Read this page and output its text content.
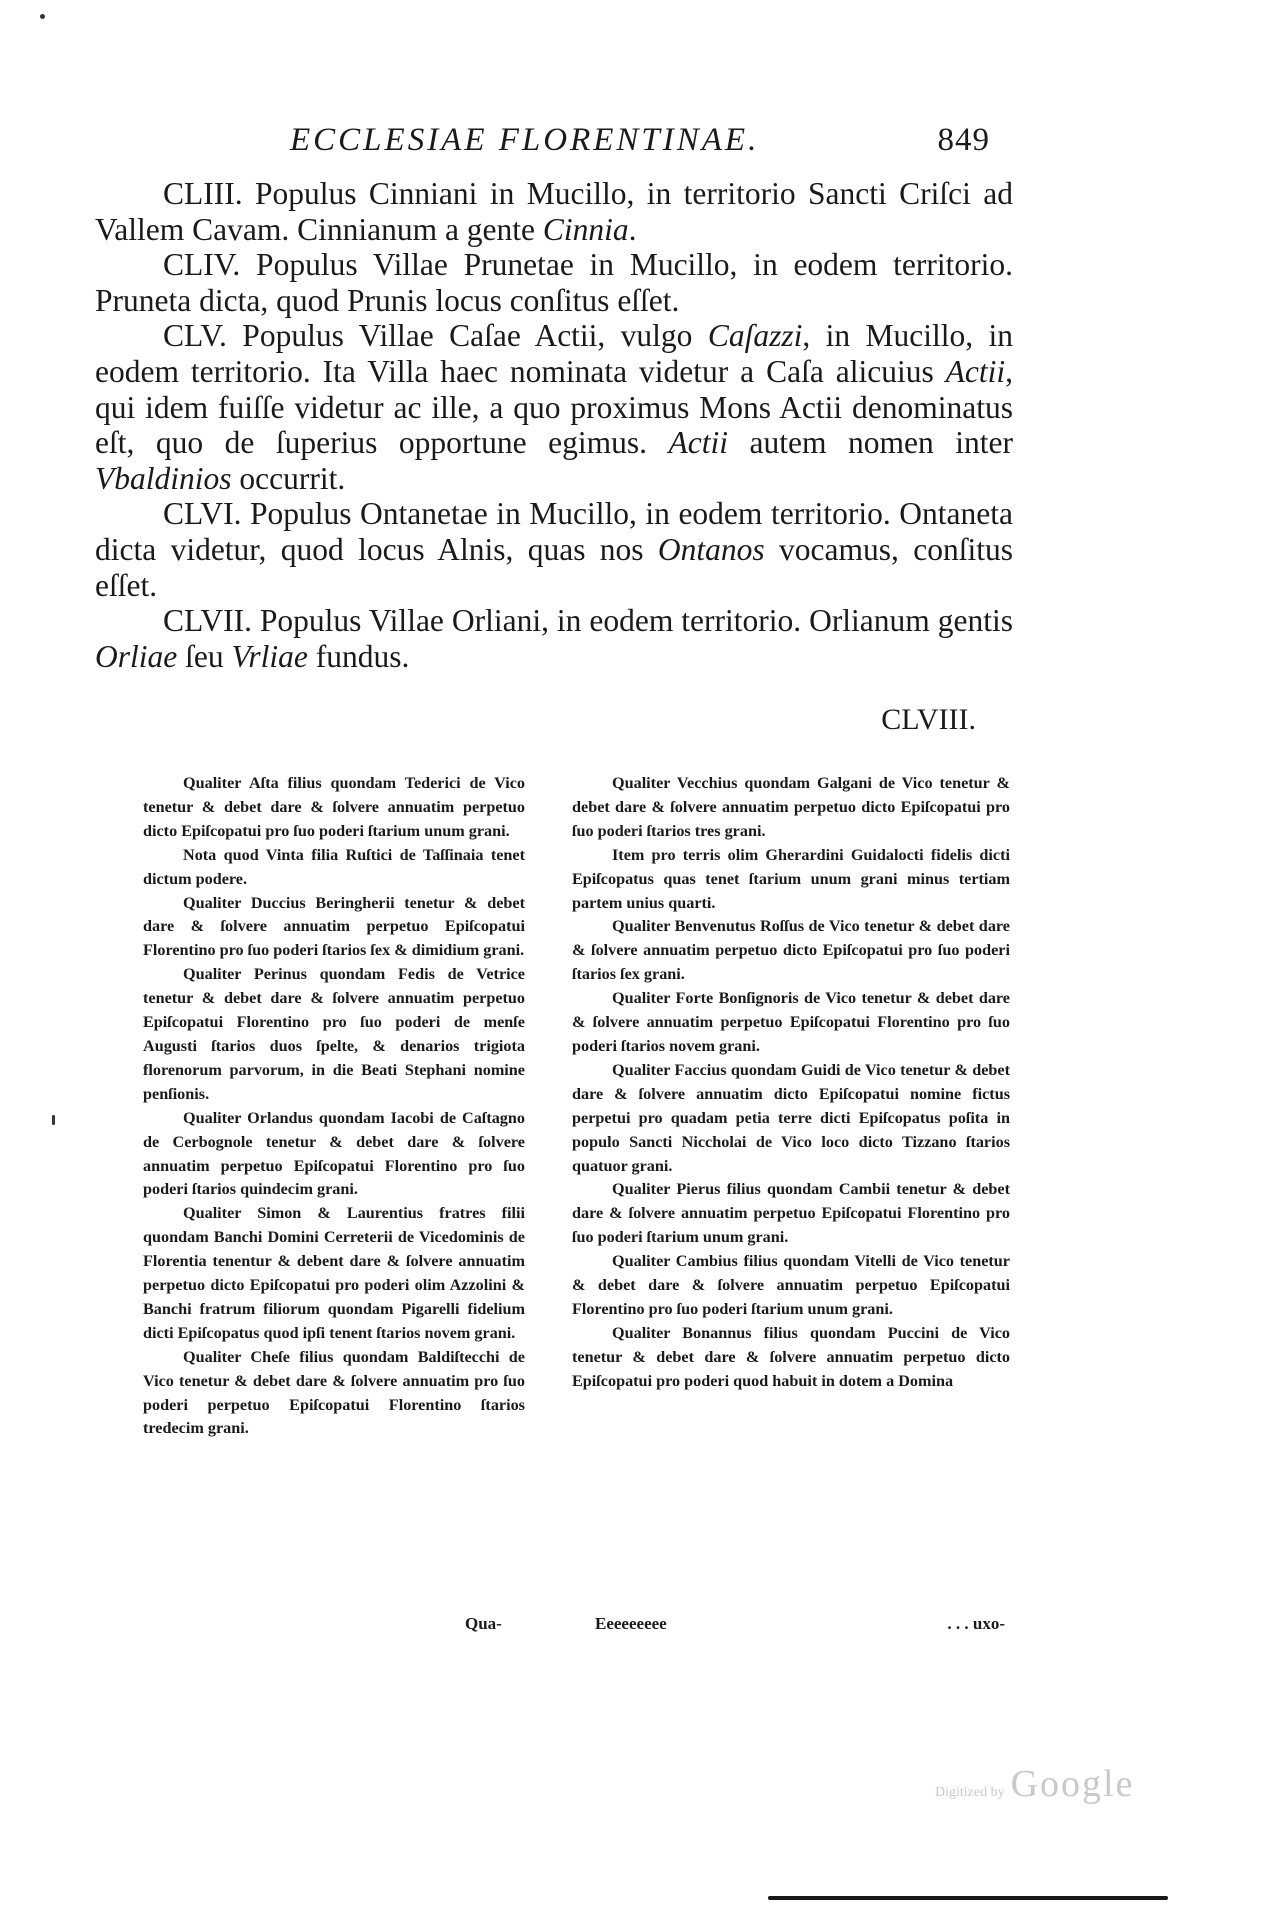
ECCLESIAE FLORENTINAE.	849

CLIII. Populus Cinniani in Mucillo, in territorio Sancti Criſci ad Vallem Cavam. Cinnianum a gente Cinnia.

CLIV. Populus Villae Prunetae in Mucillo, in eodem territorio. Pruneta dicta, quod Prunis locus conſitus eſſet.

CLV. Populus Villae Caſae Actii, vulgo Caſazzi, in Mucillo, in eodem territorio. Ita Villa haec nominata videtur a Caſa alicuius Actii, qui idem fuiſſe videtur ac ille, a quo proximus Mons Actii denominatus eſt, quo de ſuperius opportune egimus. Actii autem nomen inter Vbaldinios occurrit.

CLVI. Populus Ontanetae in Mucillo, in eodem territorio. Ontaneta dicta videtur, quod locus Alnis, quas nos Ontanos vocamus, conſitus eſſet.

CLVII. Populus Villae Orliani, in eodem territorio. Orlianum gentis Orliae ſeu Vrliae fundus.

CLVIII.

Qualiter Aſta filius quondam Tederici de Vico tenetur & debet dare & ſolvere annuatim perpetuo dicto Epiſcopatui pro ſuo poderi ſtarium unum grani.

Nota quod Vinta filia Ruſtici de Taſſinaia tenet dictum podere.

Qualiter Duccius Beringherii tenetur & debet dare & ſolvere annuatim perpetuo Epiſcopatui Florentino pro ſuo poderi ſtarios ſex & dimidium grani.

Qualiter Perinus quondam Fedis de Vetrice tenetur & debet dare & ſolvere annuatim perpetuo Epiſcopatui Florentino pro ſuo poderi de menſe Augusti ſtarios duos ſpelte, & denarios trigiota florenorum parvorum, in die Beati Stephani nomine penſionis.

Qualiter Orlandus quondam Iacobi de Caſtagno de Cerbognole tenetur & debet dare & ſolvere annuatim perpetuo Epiſcopatui Florentino pro ſuo poderi ſtarios quindecim grani.

Qualiter Simon & Laurentius fratres filii quondam Banchi Domini Cerreterii de Vicedominis de Florentia tenentur & debent dare & ſolvere annuatim perpetuo dicto Epiſcopatui pro poderi olim Azzolini & Banchi fratrum filiorum quondam Pigarelli fidelium dicti Epiſcopatus quod ipſi tenent ſtarios novem grani.

Qualiter Cheſe filius quondam Baldiſtecchi de Vico tenetur & debet dare & ſolvere annuatim pro ſuo poderi perpetuo Epiſcopatui Florentino ſtarios tredecim grani.

Qua-

Qualiter Vecchius quondam Galgani de Vico tenetur & debet dare & ſolvere annuatim perpetuo dicto Epiſcopatui pro ſuo poderi ſtarios tres grani.

Item pro terris olim Gherardini Guidalocti fidelis dicti Epiſcopatus quas tenet ſtarium unum grani minus tertiam partem unius quarti.

Qualiter Benvenutus Roſſus de Vico tenetur & debet dare & ſolvere annuatim perpetuo dicto Epiſcopatui pro ſuo poderi ſtarios ſex grani.

Qualiter Forte Bonſignoris de Vico tenetur & debet dare & ſolvere annuatim perpetuo Epiſcopatui Florentino pro ſuo poderi ſtarios novem grani.

Qualiter Faccius quondam Guidi de Vico tenetur & debet dare & ſolvere annuatim dicto Epiſcopatui nomine fictus perpetui pro quadam petia terre dicti Epiſcopatus poſita in populo Sancti Niccholai de Vico loco dicto Tizzano ſtarios quatuor grani.

Qualiter Pierus filius quondam Cambii tenetur & debet dare & ſolvere annuatim perpetuo Epiſcopatui Florentino pro ſuo poderi ſtarium unum grani.

Qualiter Cambius filius quondam Vitelli de Vico tenetur & debet dare & ſolvere annuatim perpetuo Epiſcopatui Florentino pro ſuo poderi ſtarium unum grani.

Qualiter Bonannus filius quondam Puccini de Vico tenetur & debet dare & ſolvere annuatim perpetuo dicto Epiſcopatui pro poderi quod habuit in dotem a Domina

Eeeeeeeee	. . . uxo-
Digitized by Google
